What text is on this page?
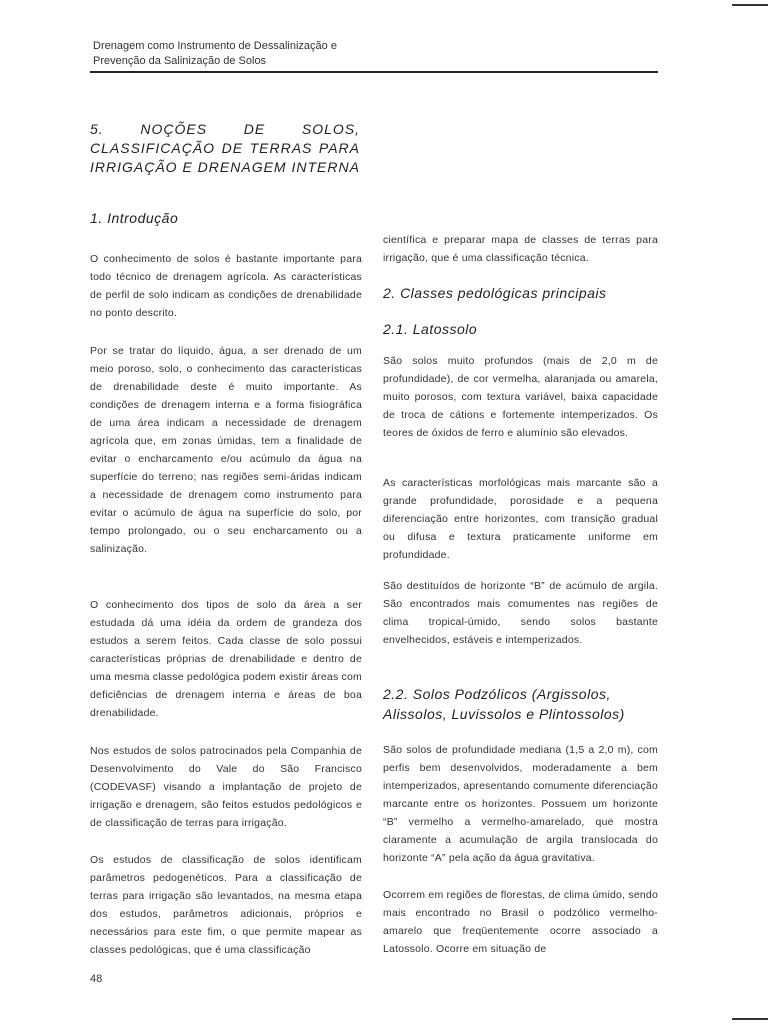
Drenagem como Instrumento de Dessalinização e
Prevenção da Salinização de Solos
5. NOÇÕES DE SOLOS, CLASSIFICAÇÃO DE TERRAS PARA IRRIGAÇÃO E DRENAGEM INTERNA
1. Introdução

O conhecimento de solos é bastante importante para todo técnico de drenagem agrícola. As características de perfil de solo indicam as condições de drenabilidade no ponto descrito.

Por se tratar do líquido, água, a ser drenado de um meio poroso, solo, o conhecimento das características de drenabilidade deste é muito importante. As condições de drenagem interna e a forma fisiográfica de uma área indicam a necessidade de drenagem agrícola que, em zonas úmidas, tem a finalidade de evitar o encharcamento e/ou acúmulo da água na superfície do terreno; nas regiões semi-áridas indicam a necessidade de drenagem como instrumento para evitar o acúmulo de água na superfície do solo, por tempo prolongado, ou o seu encharcamento ou a salinização.

O conhecimento dos tipos de solo da área a ser estudada dá uma idéia da ordem de grandeza dos estudos a serem feitos. Cada classe de solo possui características próprias de drenabilidade e dentro de uma mesma classe pedológica podem existir áreas com deficiências de drenagem interna e áreas de boa drenabilidade.

Nos estudos de solos patrocinados pela Companhia de Desenvolvimento do Vale do São Francisco (CODEVASF) visando a implantação de projeto de irrigação e drenagem, são feitos estudos pedológicos e de classificação de terras para irrigação.

Os estudos de classificação de solos identificam parâmetros pedogenéticos. Para a classificação de terras para irrigação são levantados, na mesma etapa dos estudos, parâmetros adicionais, próprios e necessários para este fim, o que permite mapear as classes pedológicas, que é uma classificação

científica e preparar mapa de classes de terras para irrigação, que é uma classificação técnica.

2. Classes pedológicas principais
2.1. Latossolo

São solos muito profundos (mais de 2,0 m de profundidade), de cor vermelha, alaranjada ou amarela, muito porosos, com textura variável, baixa capacidade de troca de cátions e fortemente intemperizados. Os teores de óxidos de ferro e alumínio são elevados.

As características morfológicas mais marcante são a grande profundidade, porosidade e a pequena diferenciação entre horizontes, com transição gradual ou difusa e textura praticamente uniforme em profundidade.

São destituídos de horizonte “B” de acúmulo de argila. São encontrados mais comumentes nas regiões de clima tropical-úmido, sendo solos bastante envelhecidos, estáveis e intemperizados.

2.2. Solos Podzólicos (Argissolos, Alissolos, Luvissolos e Plintossolos)

São solos de profundidade mediana (1,5 a 2,0 m), com perfis bem desenvolvidos, moderadamente a bem intemperizados, apresentando comumente diferenciação marcante entre os horizontes. Possuem um horizonte “B” vermelho a vermelho-amarelado, que mostra claramente a acumulação de argila translocada do horizonte “A” pela ação da água gravitativa.

Ocorrem em regiões de florestas, de clima úmido, sendo mais encontrado no Brasil o podzólico vermelho-amarelo que freqüentemente ocorre associado a Latossolo. Ocorre em situação de

48
